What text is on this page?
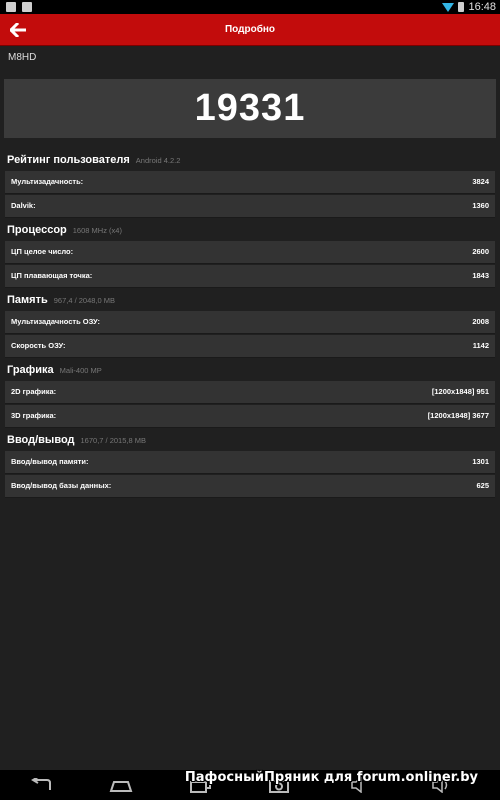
16:48
Подробно
M8HD
19331
Рейтинг пользователя Android 4.2.2
Мультизадачность:	3824
Dalvik:	1360
Процессор 1608 MHz (x4)
ЦП целое число:	2600
ЦП плавающая точка:	1843
Память 967,4 / 2048,0 MB
Мультизадачность ОЗУ:	2008
Скорость ОЗУ:	1142
Графика Mali-400 MP
2D графика:	[1200x1848] 951
3D графика:	[1200x1848] 3677
Ввод/вывод 1670,7 / 2015,8 MB
Ввод/вывод памяти:	1301
Ввод/вывод базы данных:	625
ПафосныйПряник для forum.onliner.by
